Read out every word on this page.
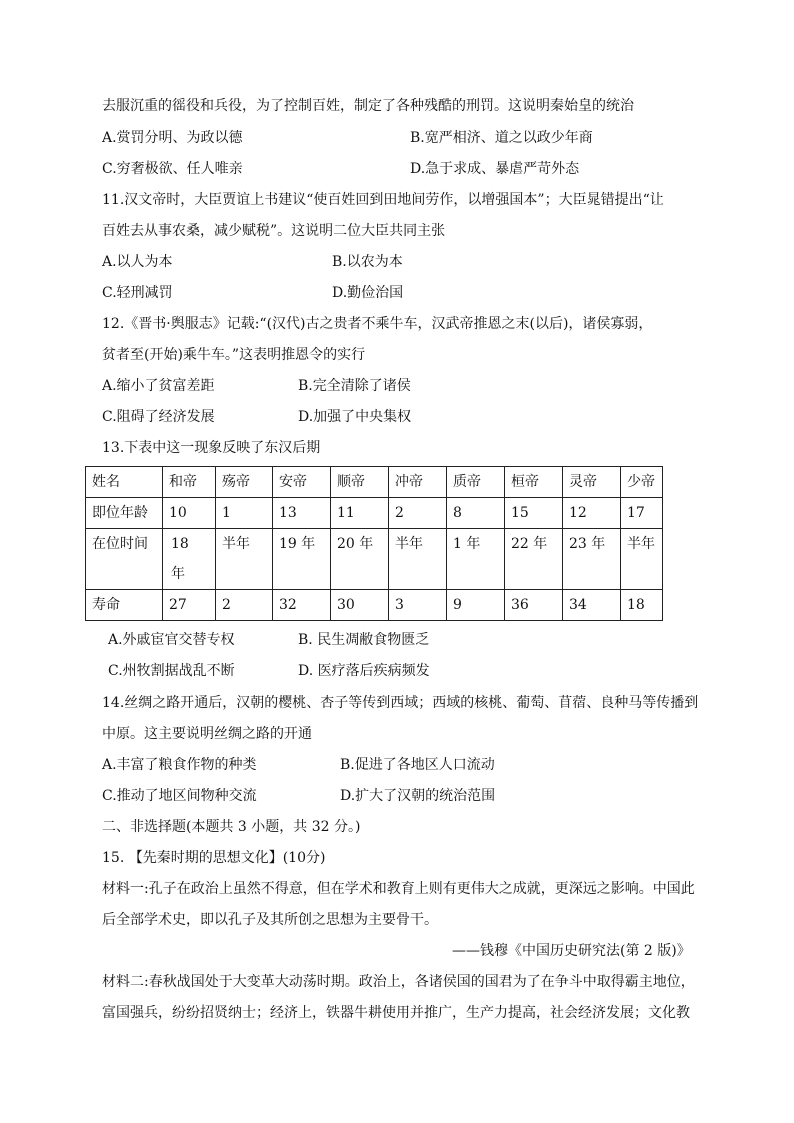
去服沉重的徭役和兵役，为了控制百姓，制定了各种残酷的刑罚。这说明秦始皇的统治
A.赏罚分明、为政以德	B.宽严相济、道之以政少年商
C.穷奢极欲、任人唯亲	D.急于求成、暴虐严苛外态
11.汉文帝时，大臣贾谊上书建议“使百姓回到田地间劳作，以增强国本”；大臣晁错提出“让
百姓去从事农桑，减少赋税”。这说明二位大臣共同主张
A.以人为本	B.以农为本
C.轻刑减罚	D.勤俭治国
12.《晋书·舆服志》记载:“(汉代)古之贵者不乘牛车，汉武帝推恩之末(以后)，诸侯寡弱，
贫者至(开始)乘牛车。”这表明推恩令的实行
A.缩小了贫富差距	B.完全清除了诸侯
C.阻碍了经济发展	D.加强了中央集权
13.下表中这一现象反映了东汉后期
姓名	和帝	殇帝	安帝	顺帝	冲帝	质帝	桓帝	灵帝	少帝
即位年龄	10	1	13	11	2	8	15	12	17
在位时间	18年	半年	19 年	20 年	半年	1 年	22 年	23 年	半年
寿命	27	2	32	30	3	9	36	34	18
A.外戚宦官交替专权	B. 民生凋敝食物匮乏
C.州牧割据战乱不断	D. 医疗落后疾病频发
14.丝绸之路开通后，汉朝的樱桃、杏子等传到西域；西域的核桃、葡萄、苜蓿、良种马等传播到
中原。这主要说明丝绸之路的开通
A.丰富了粮食作物的种类	B.促进了各地区人口流动
C.推动了地区间物种交流	D.扩大了汉朝的统治范围
二、非选择题(本题共 3 小题，共 32 分。)
15. 【先秦时期的思想文化】(10分)
材料一:孔子在政治上虽然不得意，但在学术和教育上则有更伟大之成就，更深远之影响。中国此
后全部学术史，即以孔子及其所创之思想为主要骨干。
——钱穆《中国历史研究法(第 2 版)》
材料二:春秋战国处于大变革大动荡时期。政治上，各诸侯国的国君为了在争斗中取得霸主地位，
富国强兵，纷纷招贤纳士；经济上，铁器牛耕使用并推广，生产力提高，社会经济发展；文化教
